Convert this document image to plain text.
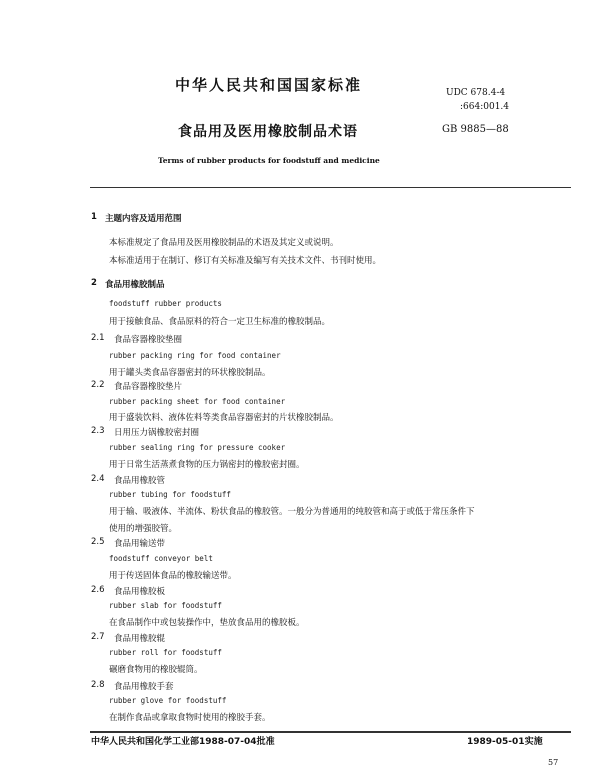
中华人民共和国国家标准	UDC 678.4-4
:664:001.4
食品用及医用橡胶制品术语	GB 9885—88
Terms of rubber products for foodstuff and medicine
1 主题内容及适用范围
本标准规定了食品用及医用橡胶制品的术语及其定义或说明。
本标准适用于在制订、修订有关标准及编写有关技术文件、书刊时使用。
2 食品用橡胶制品
foodstuff rubber products
用于接触食品、食品原料的符合一定卫生标准的橡胶制品。
2.1 食品容器橡胶垫圈
rubber packing ring for food container
用于罐头类食品容器密封的环状橡胶制品。
2.2 食品容器橡胶垫片
rubber packing sheet for food container
用于盛装饮料、液体佐料等类食品容器密封的片状橡胶制品。
2.3 日用压力锅橡胶密封圈
rubber sealing ring for pressure cooker
用于日常生活蒸煮食物的压力锅密封的橡胶密封圈。
2.4 食品用橡胶管
rubber tubing for foodstuff
用于输、吸液体、半流体、粉状食品的橡胶管。一般分为普通用的纯胶管和高于或低于常压条件下
使用的增强胶管。
2.5 食品用输送带
foodstuff conveyor belt
用于传送固体食品的橡胶输送带。
2.6 食品用橡胶板
rubber slab for foodstuff
在食品制作中或包装操作中，垫放食品用的橡胶板。
2.7 食品用橡胶辊
rubber roll for foodstuff
碾磨食物用的橡胶辊筒。
2.8 食品用橡胶手套
rubber glove for foodstuff
在制作食品或拿取食物时使用的橡胶手套。
中华人民共和国化学工业部1988-07-04批准	1989-05-01实施
57
